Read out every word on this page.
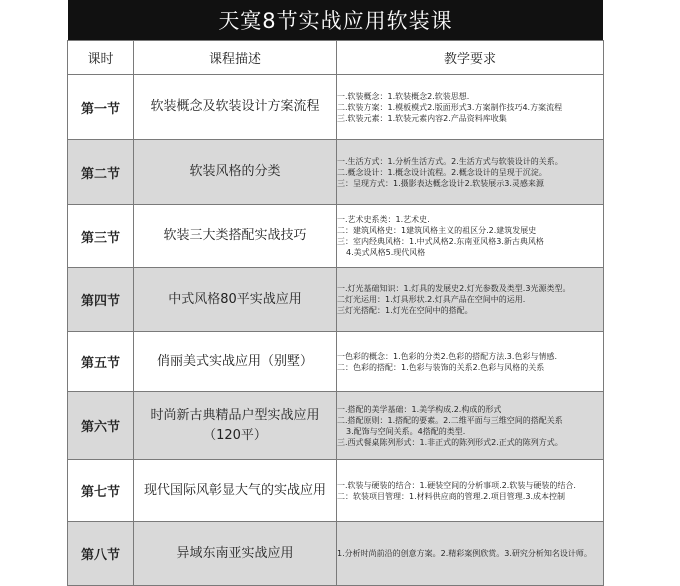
天寞8节实战应用软装课
课时	课程描述	教学要求
第一节	软装概念及软装设计方案流程	一.软装概念：1.软装概念2.软装思想.
二.软装方案：1.模板模式2.版面形式3.方案制作技巧4.方案流程
三.软装元素：1.软装元素内容2.产品资料库收集

第二节	软装风格的分类	一.生活方式：1.分析生活方式。2.生活方式与软装设计的关系。
二.概念设计：1.概念设计流程。2.概念设计的呈现于沉淀。
三：呈现方式：1.摄影表达概念设计2.软装展示3.灵感来源

第三节	软装三大类搭配实战技巧	一.艺术史系类：1.艺术史.
二：建筑风格史：1建筑风格主义的祖区分.2.建筑发展史
三：室内经典风格：1.中式风格2.东南亚风格3.新古典风格
4.美式风格5.现代风格

第四节	中式风格80平实战应用	一.灯光基础知识：1.灯具的发展史2.灯光参数及类型.3光源类型。
二灯光运用：1.灯具形状.2.灯具产品在空间中的运用.
三灯光搭配：1.灯光在空间中的搭配。

第五节	俏丽美式实战应用（别墅）	一色彩的概念：1.色彩的分类2.色彩的搭配方法.3.色彩与情感.
二：色彩的搭配：1.色彩与装饰的关系2.色彩与风格的关系

第六节	时尚新古典精品户型实战应用
（120平）	一.搭配的美学基础：1.美学构成.2.构成的形式
二.搭配原则：1.搭配的要素。2.二维平面与三维空间的搭配关系
3.配饰与空间关系。4搭配的类型.
三.西式餐桌陈列形式：1.非正式的陈列形式2.正式的陈列方式。

第七节	现代国际风彰显大气的实战应用	一.软装与硬装的结合：1.硬装空间的分析事项.2.软装与硬装的结合.
二：软装项目管理：1.材料供应商的管理.2.项目管理.3.成本控制

第八节	异域东南亚实战应用	1.分析时尚前沿的创意方案。2.精彩案例欣赏。3.研究分析知名设计师。
